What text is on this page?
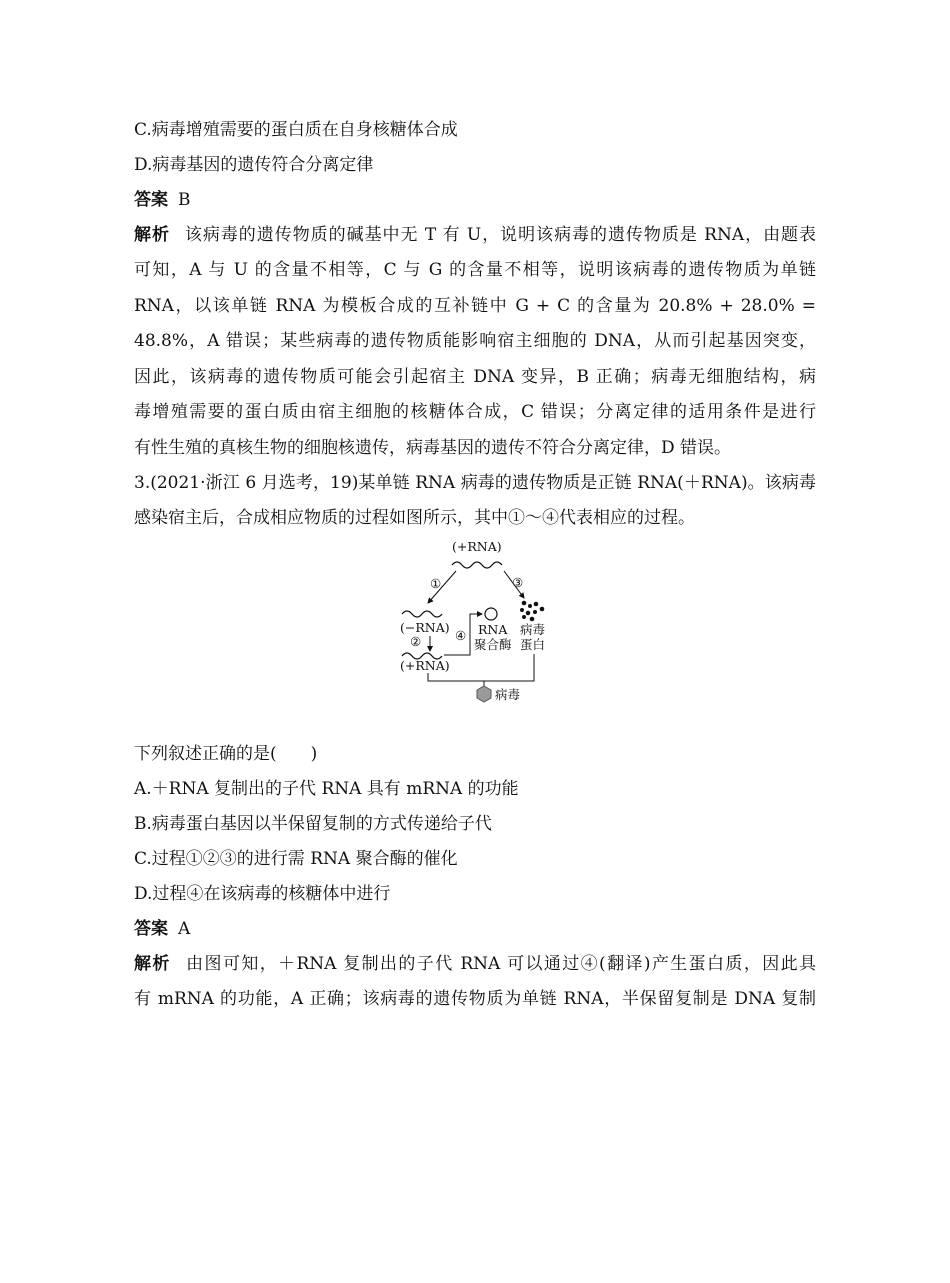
C.病毒增殖需要的蛋白质在自身核糖体合成
D.病毒基因的遗传符合分离定律
答案 B
解析 该病毒的遗传物质的碱基中无 T 有 U，说明该病毒的遗传物质是 RNA，由题表
可知，A 与 U 的含量不相等，C 与 G 的含量不相等，说明该病毒的遗传物质为单链
RNA，以该单链 RNA 为模板合成的互补链中 G + C 的含量为 20.8% + 28.0% =
48.8%，A 错误；某些病毒的遗传物质能影响宿主细胞的 DNA，从而引起基因突变，
因此，该病毒的遗传物质可能会引起宿主 DNA 变异，B 正确；病毒无细胞结构，病
毒增殖需要的蛋白质由宿主细胞的核糖体合成，C 错误；分离定律的适用条件是进行
有性生殖的真核生物的细胞核遗传，病毒基因的遗传不符合分离定律，D 错误。
3.(2021·浙江 6 月选考，19)某单链 RNA 病毒的遗传物质是正链 RNA(＋RNA)。该病毒
感染宿主后，合成相应物质的过程如图所示，其中①～④代表相应的过程。
(+RNA)
①	③
(−RNA)
②
(+RNA)
④ RNA
聚合酶
病毒
蛋白
病毒
下列叙述正确的是(　　)
A.＋RNA 复制出的子代 RNA 具有 mRNA 的功能
B.病毒蛋白基因以半保留复制的方式传递给子代
C.过程①②③的进行需 RNA 聚合酶的催化
D.过程④在该病毒的核糖体中进行
答案 A
解析 由图可知，＋RNA 复制出的子代 RNA 可以通过④(翻译)产生蛋白质，因此具
有 mRNA 的功能，A 正确；该病毒的遗传物质为单链 RNA，半保留复制是 DNA 复制
